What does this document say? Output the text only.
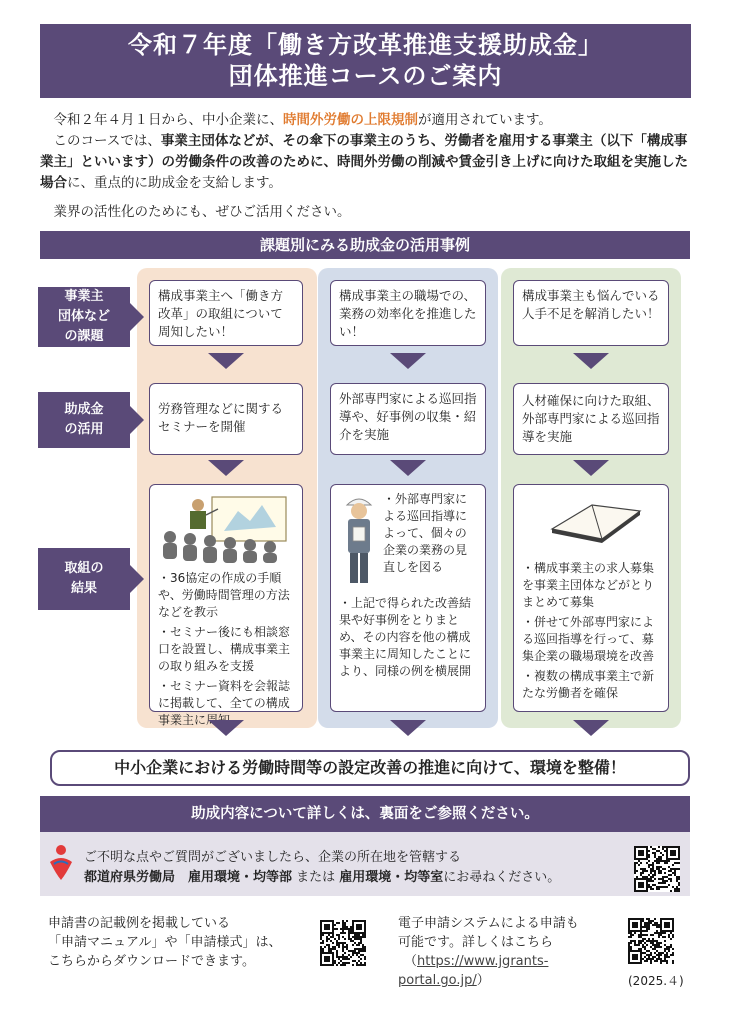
令和７年度「働き方改革推進支援助成金」
団体推進コースのご案内

令和２年４月１日から、中小企業に、時間外労働の上限規制が適用されています。

このコースでは、事業主団体などが、その傘下の事業主のうち、労働者を雇用する事業主（以下「構成事業主」といいます）の労働条件の改善のために、時間外労働の削減や賃金引き上げに向けた取組を実施した場合に、重点的に助成金を支給します。

業界の活性化のためにも、ぜひご活用ください。

課題別にみる助成金の活用事例
事業主
団体など
の課題
助成金
の活用
取組の
結果
構成事業主へ「働き方改革」の取組について周知したい！
構成事業主の職場での、業務の効率化を推進したい！
構成事業主も悩んでいる人手不足を解消したい！
労務管理などに関するセミナーを開催
外部専門家による巡回指導や、好事例の収集・紹介を実施
人材確保に向けた取組、外部専門家による巡回指導を実施
・36協定の作成の手順や、労働時間管理の方法などを教示
・セミナー後にも相談窓口を設置し、構成事業主の取り組みを支援
・セミナー資料を会報誌に掲載して、全ての構成事業主に周知
・外部専門家による巡回指導によって、個々の企業の業務の見直しを図る
・上記で得られた改善結果や好事例をとりまとめ、その内容を他の構成事業主に周知したことにより、同様の例を横展開
・構成事業主の求人募集を事業主団体などがとりまとめて募集
・併せて外部専門家による巡回指導を行って、募集企業の職場環境を改善
・複数の構成事業主で新たな労働者を確保
中小企業における労働時間等の設定改善の推進に向けて、環境を整備！
助成内容について詳しくは、裏面をご参照ください。
ご不明な点やご質問がございましたら、企業の所在地を管轄する
都道府県労働局　雇用環境・均等部 または 雇用環境・均等室にお尋ねください。
申請書の記載例を掲載している
「申請マニュアル」や「申請様式」は、
こちらからダウンロードできます。
電子申請システムによる申請も
可能です。詳しくはこちら
（https://www.jgrants-
portal.go.jp/）	(2025.４)
